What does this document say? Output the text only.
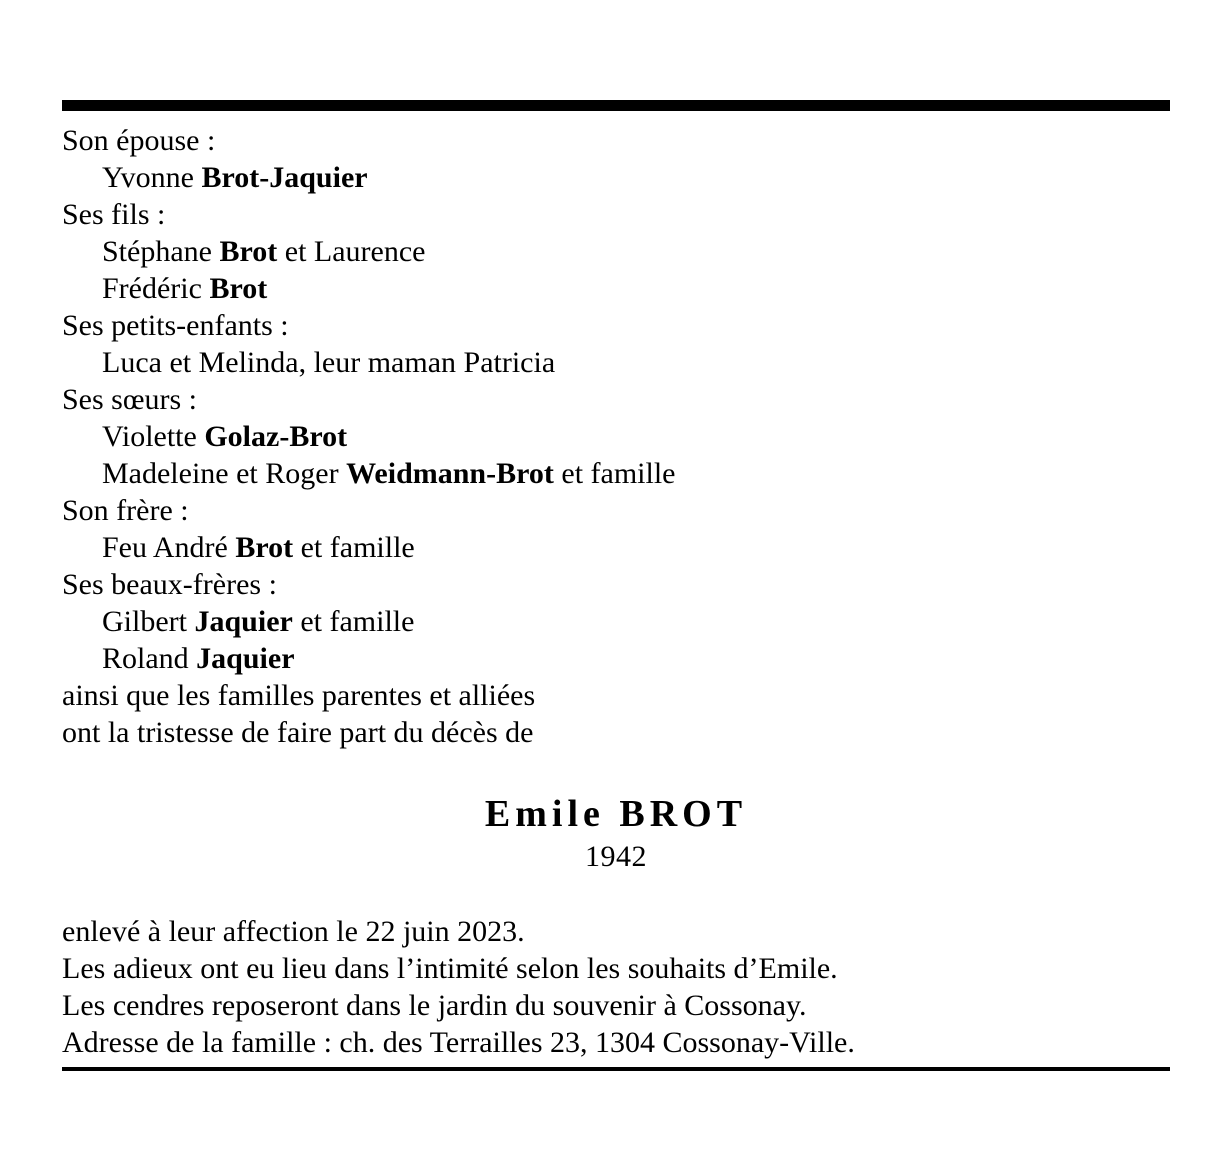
Son épouse :
Yvonne Brot-Jaquier
Ses fils :
Stéphane Brot et Laurence
Frédéric Brot
Ses petits-enfants :
Luca et Melinda, leur maman Patricia
Ses sœurs :
Violette Golaz-Brot
Madeleine et Roger Weidmann-Brot et famille
Son frère :
Feu André Brot et famille
Ses beaux-frères :
Gilbert Jaquier et famille
Roland Jaquier
ainsi que les familles parentes et alliées
ont la tristesse de faire part du décès de
Emile BROT
1942
enlevé à leur affection le 22 juin 2023.
Les adieux ont eu lieu dans l’intimité selon les souhaits d’Emile.
Les cendres reposeront dans le jardin du souvenir à Cossonay.
Adresse de la famille : ch. des Terrailles 23, 1304 Cossonay-Ville.
